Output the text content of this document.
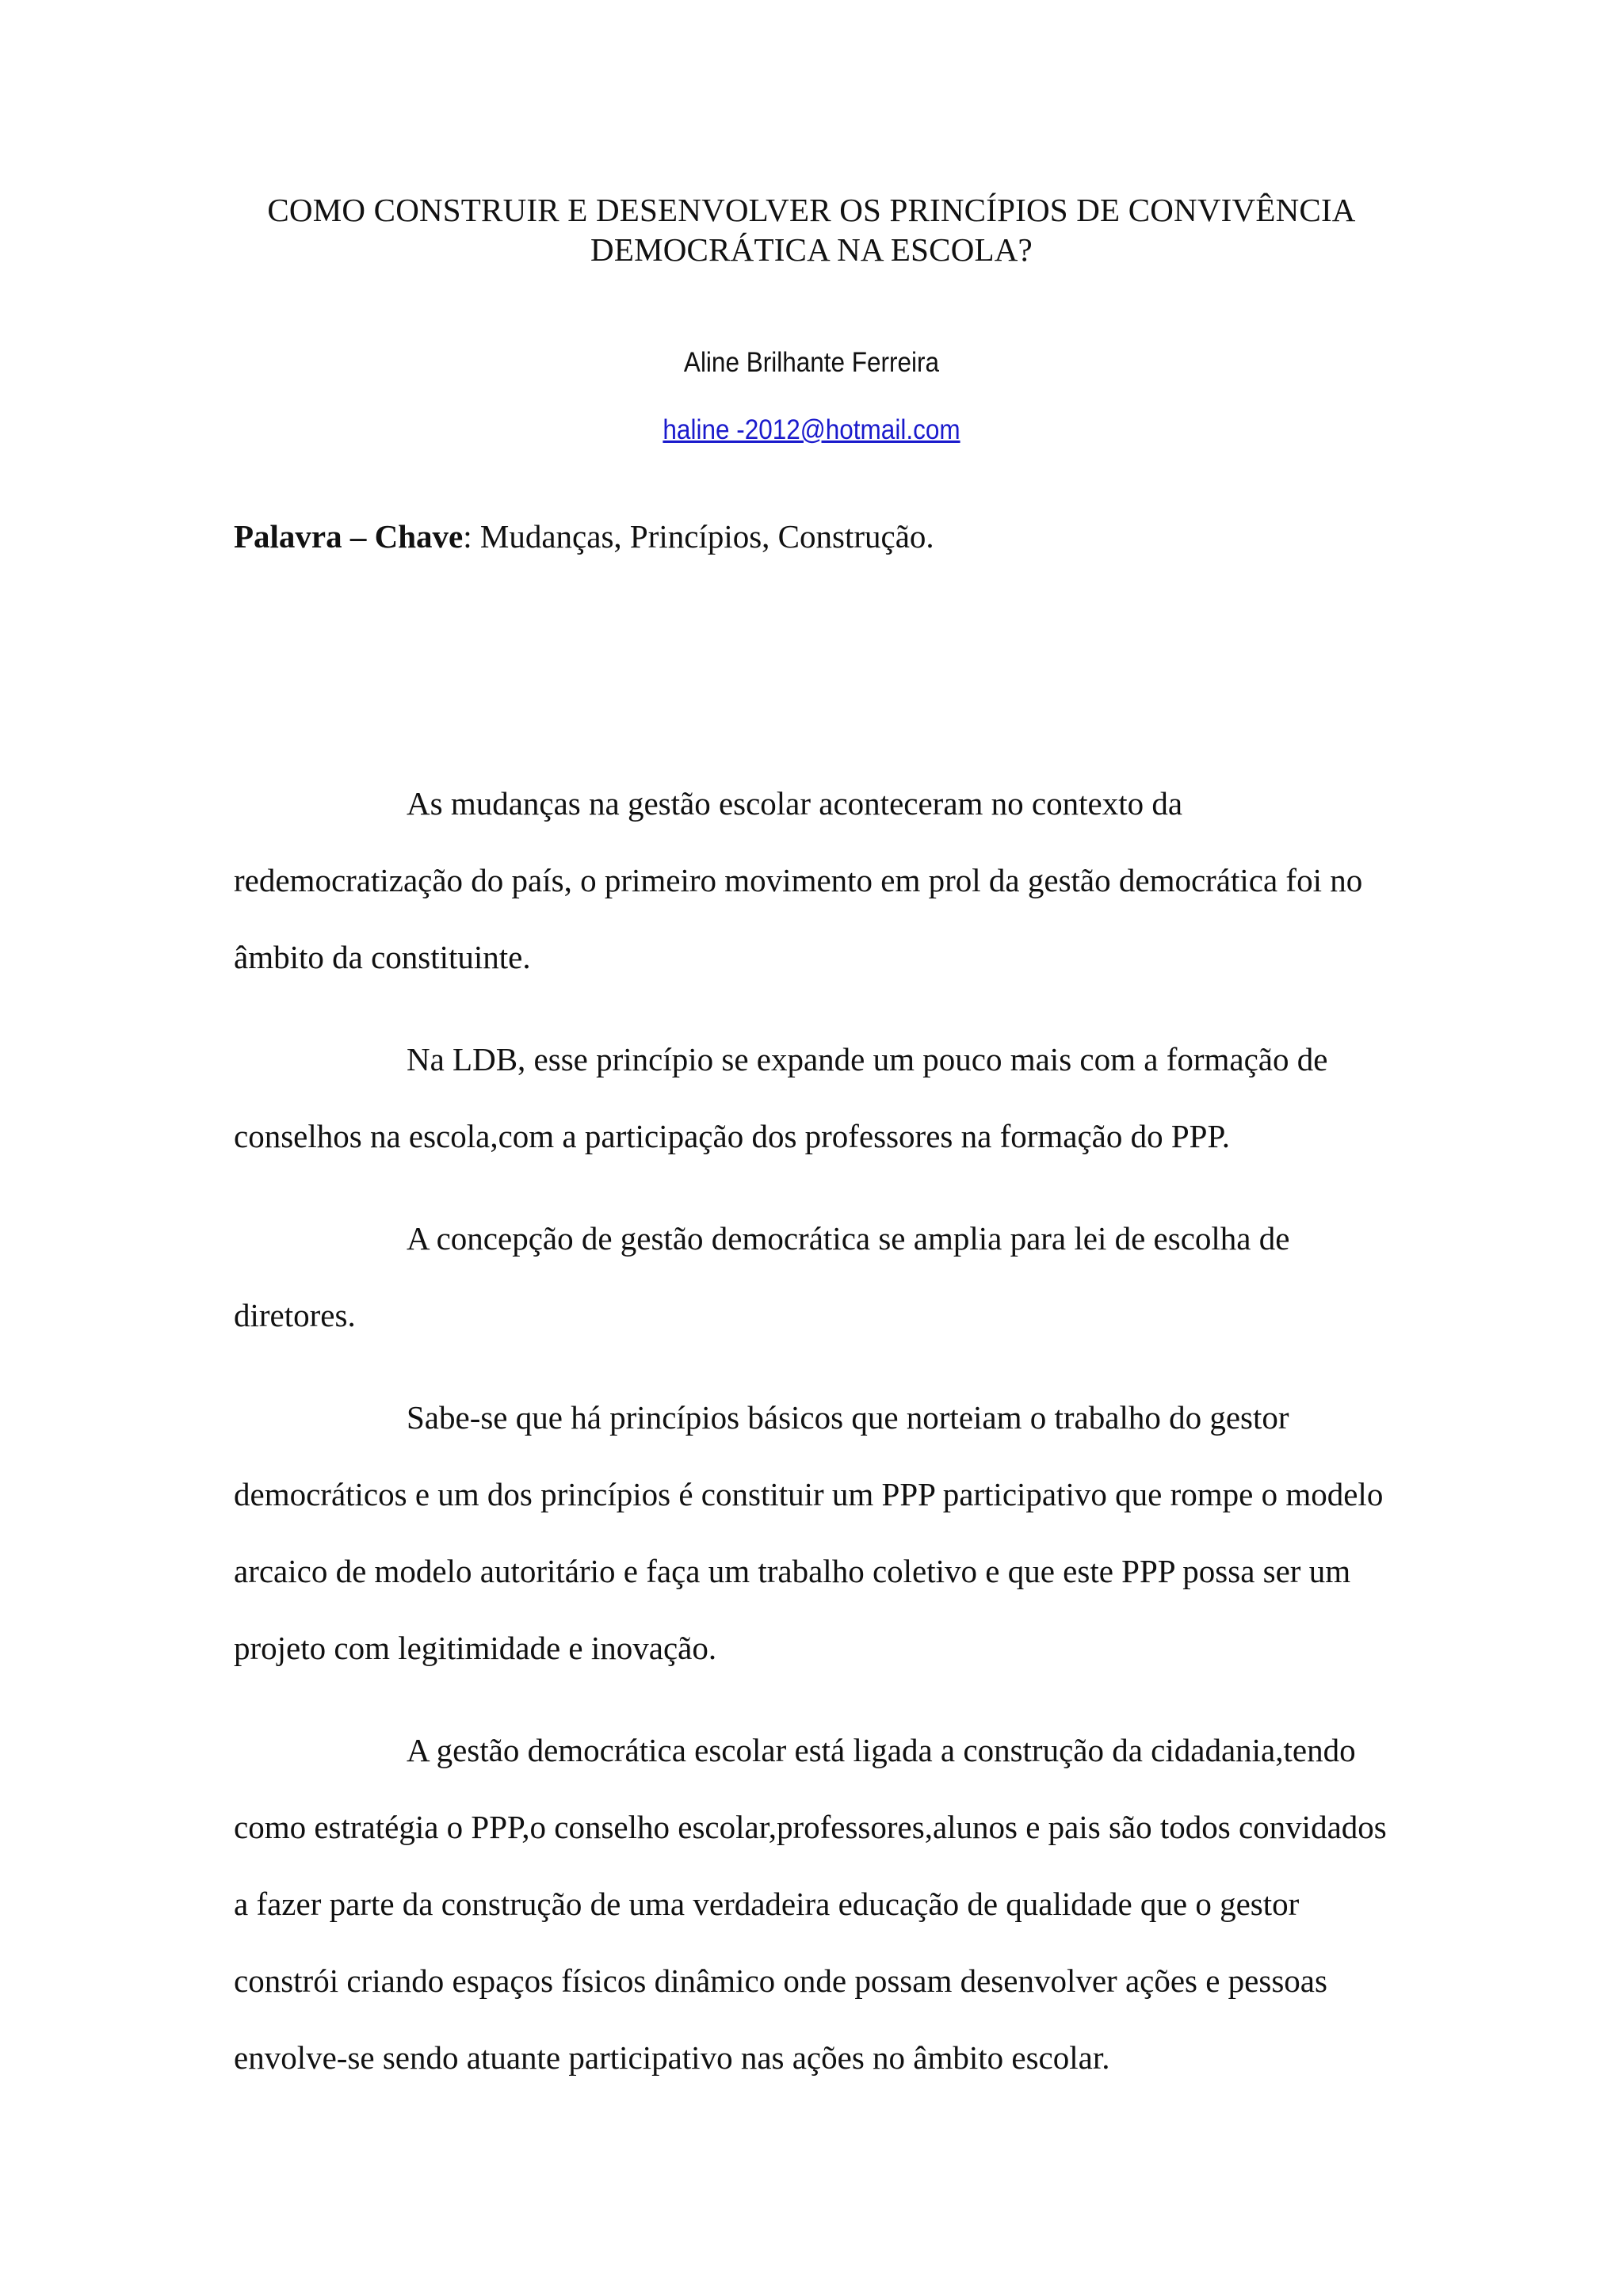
COMO CONSTRUIR E DESENVOLVER OS PRINCÍPIOS DE CONVIVÊNCIA
DEMOCRÁTICA NA ESCOLA?
Aline Brilhante Ferreira
haline -2012@hotmail.com
Palavra – Chave: Mudanças, Princípios, Construção.

As mudanças na gestão escolar aconteceram no contexto da redemocratização do país, o primeiro movimento em prol da gestão democrática foi no âmbito da constituinte.

Na LDB, esse princípio se expande um pouco mais com a formação de conselhos na escola,com a participação dos professores na formação do PPP.

A concepção de gestão democrática se amplia para lei de escolha de diretores.

Sabe-se que há princípios básicos que norteiam o trabalho do gestor democráticos e um dos princípios é constituir um PPP participativo que rompe o modelo arcaico de modelo autoritário e faça um trabalho coletivo e que este PPP possa ser um projeto com legitimidade e inovação.

A gestão democrática escolar está ligada a construção da cidadania,tendo como estratégia o PPP,o conselho escolar,professores,alunos e pais são todos convidados a fazer parte da construção de uma verdadeira educação de qualidade que o gestor constrói criando espaços físicos dinâmico onde possam desenvolver ações e pessoas envolve-se sendo atuante participativo nas ações no âmbito escolar.
